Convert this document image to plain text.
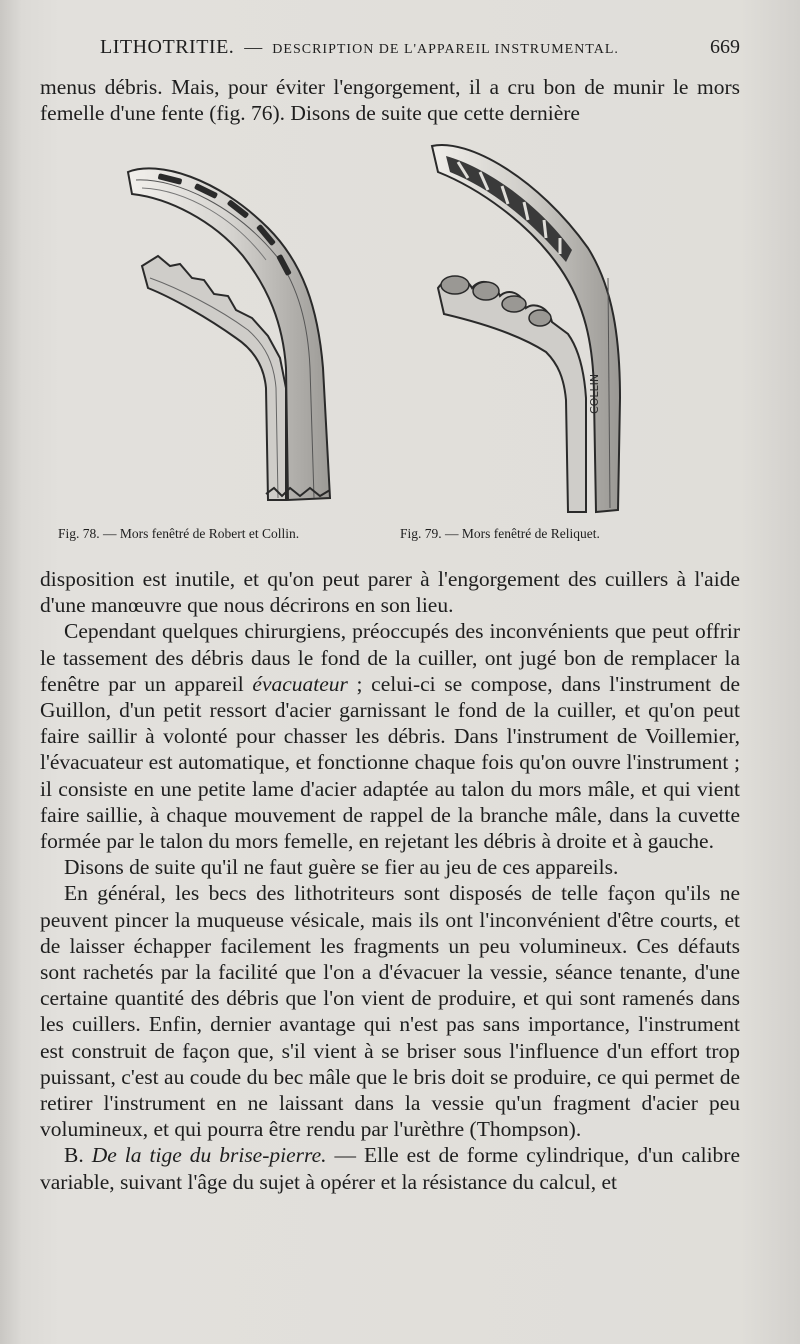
LITHOTRITIE. — DESCRIPTION DE L'APPAREIL INSTRUMENTAL.	669

menus débris. Mais, pour éviter l'engorgement, il a cru bon de munir le mors femelle d'une fente (fig. 76). Disons de suite que cette dernière

COLLIN
Fig. 78. — Mors fenêtré de Robert et Collin.	Fig. 79. — Mors fenêtré de Reliquet.

disposition est inutile, et qu'on peut parer à l'engorgement des cuillers à l'aide d'une manœuvre que nous décrirons en son lieu.

Cependant quelques chirurgiens, préoccupés des inconvénients que peut offrir le tassement des débris daus le fond de la cuiller, ont jugé bon de remplacer la fenêtre par un appareil évacuateur ; celui-ci se compose, dans l'instrument de Guillon, d'un petit ressort d'acier garnissant le fond de la cuiller, et qu'on peut faire saillir à volonté pour chasser les débris. Dans l'instrument de Voillemier, l'évacuateur est automatique, et fonctionne chaque fois qu'on ouvre l'instrument ; il consiste en une petite lame d'acier adaptée au talon du mors mâle, et qui vient faire saillie, à chaque mouvement de rappel de la branche mâle, dans la cuvette formée par le talon du mors femelle, en rejetant les débris à droite et à gauche.

Disons de suite qu'il ne faut guère se fier au jeu de ces appareils.

En général, les becs des lithotriteurs sont disposés de telle façon qu'ils ne peuvent pincer la muqueuse vésicale, mais ils ont l'inconvénient d'être courts, et de laisser échapper facilement les fragments un peu volumineux. Ces défauts sont rachetés par la facilité que l'on a d'évacuer la vessie, séance tenante, d'une certaine quantité des débris que l'on vient de produire, et qui sont ramenés dans les cuillers. Enfin, dernier avantage qui n'est pas sans importance, l'instrument est construit de façon que, s'il vient à se briser sous l'influence d'un effort trop puissant, c'est au coude du bec mâle que le bris doit se produire, ce qui permet de retirer l'instrument en ne laissant dans la vessie qu'un fragment d'acier peu volumineux, et qui pourra être rendu par l'urèthre (Thompson).

B. De la tige du brise-pierre. — Elle est de forme cylindrique, d'un calibre variable, suivant l'âge du sujet à opérer et la résistance du calcul, et
